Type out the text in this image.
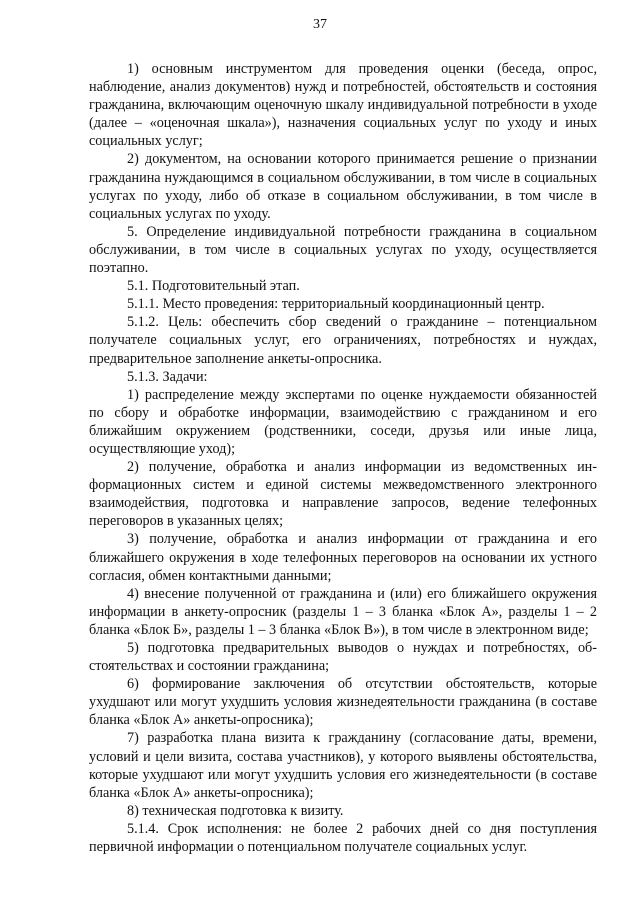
37

1) основным инструментом для проведения оценки (беседа, опрос, наблюдение, анализ документов) нужд и потребностей, обстоятельств и состояния гражданина, включающим оценочную шкалу индивидуальной потребности в уходе (далее – «оценочная шкала»), назначения социальных услуг по уходу и иных социальных услуг;

2) документом, на основании которого принимается решение о признании гражданина нуждающимся в социальном обслуживании, в том числе в социальных услугах по уходу, либо об отказе в социальном обслуживании, в том числе в социальных услугах по уходу.

5. Определение индивидуальной потребности гражданина в социальном обслуживании, в том числе в социальных услугах по уходу, осуществляется поэтапно.

5.1. Подготовительный этап.

5.1.1. Место проведения: территориальный координационный центр.

5.1.2. Цель: обеспечить сбор сведений о гражданине – потенциальном получателе социальных услуг, его ограничениях, потребностях и нуждах, предварительное заполнение анкеты-опросника.

5.1.3. Задачи:

1) распределение между экспертами по оценке нуждаемости обязанностей по сбору и обработке информации, взаимодействию с гражданином и его ближайшим окружением (родственники, соседи, друзья или иные лица, осуществляющие уход);

2) получение, обработка и анализ информации из ведомственных информационных систем и единой системы межведомственного электронного взаимодействия, подготовка и направление запросов, ведение телефонных переговоров в указанных целях;

3) получение, обработка и анализ информации от гражданина и его ближайшего окружения в ходе телефонных переговоров на основании их устного согласия, обмен контактными данными;

4) внесение полученной от гражданина и (или) его ближайшего окружения информации в анкету-опросник (разделы 1 – 3 бланка «Блок А», разделы 1 – 2 бланка «Блок Б», разделы 1 – 3 бланка «Блок В»), в том числе в электронном виде;

5) подготовка предварительных выводов о нуждах и потребностях, обстоятельствах и состоянии гражданина;

6) формирование заключения об отсутствии обстоятельств, которые ухудшают или могут ухудшить условия жизнедеятельности гражданина (в составе бланка «Блок А» анкеты-опросника);

7) разработка плана визита к гражданину (согласование даты, времени, условий и цели визита, состава участников), у которого выявлены обстоятельства, которые ухудшают или могут ухудшить условия его жизнедеятельности (в составе бланка «Блок А» анкеты-опросника);

8) техническая подготовка к визиту.

5.1.4. Срок исполнения: не более 2 рабочих дней со дня поступления первичной информации о потенциальном получателе социальных услуг.
